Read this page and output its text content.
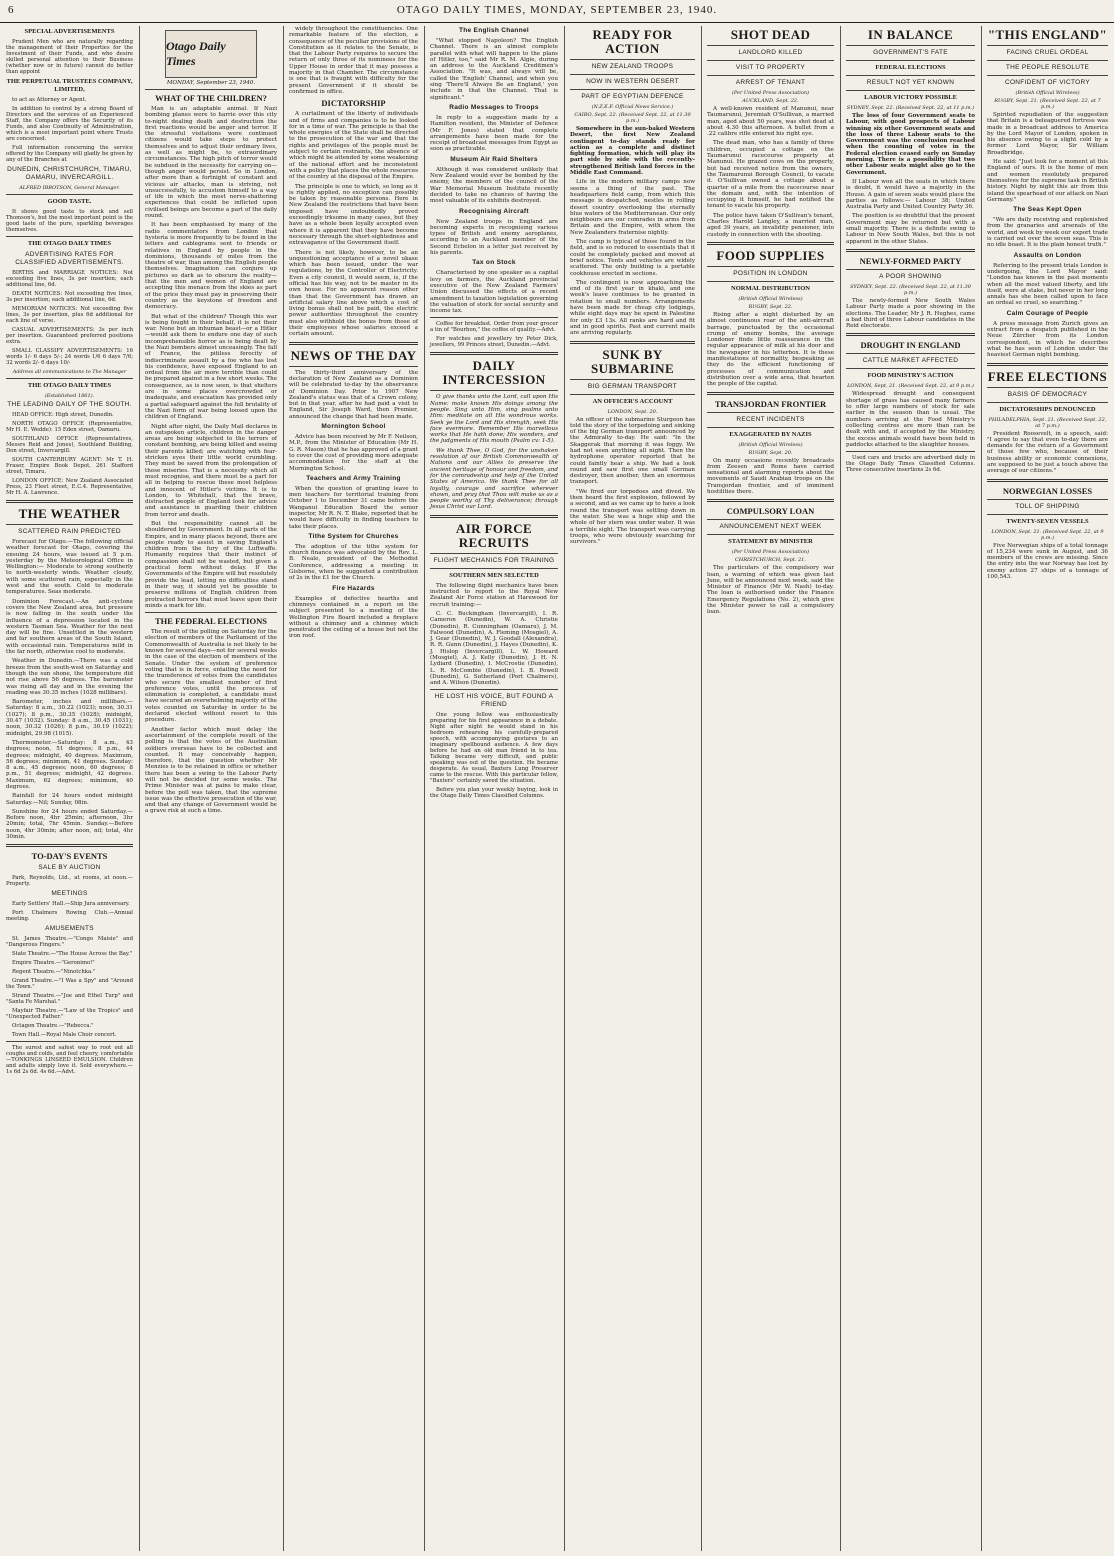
6	OTAGO DAILY TIMES, MONDAY, SEPTEMBER 23, 1940.
SPECIAL ADVERTISEMENTS

Prudent Men who are naturally regarding the management of their Properties for the Investment of their Funds, and who desire skilled personal attention to their Business (whether now or in future) cannot do better than appoint

THE PERPETUAL TRUSTEES COMPANY, LIMITED,

to act as Attorney or Agent.

In addition to control by a strong Board of Directors and the services of an Experienced Staff, the Company offers the Security of its Funds, and also Continuity of Administration, which is a most important point where Trusts are concerned.

Full information concerning the service offered by the Company will gladly be given by any of the Branches at

DUNEDIN, CHRISTCHURCH, TIMARU, OAMARU, INVERCARGILL.
ALFRED IBBOTSON, General Manager.
GOOD TASTE.

It shows good taste to stock and sell Thomson's, but the most important point is the good taste of the pure, sparkling beverages themselves.

THE OTAGO DAILY TIMES
ADVERTISING RATES FOR CLASSIFIED ADVERTISEMENTS.

BIRTHS and MARRIAGE NOTICES: Not exceeding five lines, 3s per insertion; each additional line, 6d.

DEATH NOTICES: Not exceeding five lines, 3s per insertion; each additional line, 6d.

MEMORIAM NOTICES: Not exceeding five lines, 3s per insertion, plus 6d additional for each line of verse.

CASUAL ADVERTISEMENTS: 3s per inch per insertion. Guaranteed preferred positions extra.

SMALL CLASSIFY ADVERTISEMENTS: 16 words 1/- 6 days 5/-; 24 words 1/6 6 days 7/6; 32 words 2/- 6 days 10/-

Address all communications to The Manager
THE OTAGO DAILY TIMES
(Established 1861).
THE LEADING DAILY OF THE SOUTH.

HEAD OFFICE: High street, Dunedin.

NORTH OTAGO OFFICE (Representative, Mr H. E. Wedde): 15 Eden street, Oamaru.

SOUTHLAND OFFICE (Representatives, Messrs Reid and Jones), Southland Building, Don street, Invercargill.

SOUTH CANTERBURY AGENT: Mr T. H. Fraser, Empire Book Depot, 261 Stafford street, Timaru.

LONDON OFFICE: New Zealand Associated Press, 23 Fleet street, E.C.4. Representative, Mr H. A. Lawrence.

THE WEATHER
SCATTERED RAIN PREDICTED

Forecast for Otago.—The following official weather forecast for Otago, covering the ensuing 24 hours, was issued at 5 p.m. yesterday by the Meteorological Office in Wellington:— Moderate to strong southerly to north-westerly winds. Weather cloudy, with some scattered rain, especially in the west and the south. Cold to moderate temperatures. Seas moderate.

Dominion Forecast.—An anti-cyclone covers the New Zealand area, but pressure is now falling in the south under the influence of a depression located in the western Tasman Sea. Weather for the next day will be fine. Unsettled in the western and far southern areas of the South Island, with occasional rain. Temperatures mild in the far north, otherwise cool to moderate.

Weather in Dunedin.—There was a cold breeze from the south-west on Saturday and though the sun shone, the temperature did not rise above 56 degrees. The barometer was rising all day and in the evening the reading was 30.35 inches (1028 millibars).

Barometer, inches and millibars.—Saturday: 8 a.m., 30.22 (1023); noon, 30.31 (1027); 8 p.m., 30.35 (1028); midnight, 30.47 (1032). Sunday: 8 a.m., 30.45 (1031); noon, 30.32 (1026); 8 p.m., 30.19 (1022); midnight, 29.98 (1015).

Thermometer.—Saturday: 8 a.m., 43 degrees; noon, 51 degrees; 8 p.m., 44 degrees; midnight, 40 degrees. Maximum, 56 degrees; minimum, 41 degrees. Sunday: 8 a.m., 45 degrees; noon, 60 degrees; 8 p.m., 51 degrees; midnight, 42 degrees. Maximum, 62 degrees; minimum, 40 degrees.

Rainfall for 24 hours ended midnight Saturday.—Nil; Sunday, 08in.

Sunshine for 24 hours ended Saturday.—Before noon, 4hr 25min; afternoon, 3hr 20min; total, 7hr 45min. Sunday.—Before noon, 4hr 30min; after noon, nil; total, 4hr 30min.

TO-DAY'S EVENTS
SALE BY AUCTION

Park, Reynolds, Ltd., at rooms, at noon.—Property.

MEETINGS

Early Settlers' Hall.—Ship Jura anniversary.

Port Chalmers Rowing Club.—Annual meeting.

AMUSEMENTS

St. James Theatre.—"Congo Maisie" and "Dangerous Fingers."

State Theatre.—"The House Across the Bay."

Empire Theatre.—"Geronimo!"

Regent Theatre.—"Ninotchka."

Grand Theatre.—"I Was a Spy" and "Around the Town."

Strand Theatre.—"Joe and Ethel Turp" and "Santa Fe Marshal."

Mayfair Theatre.—"Law of the Tropics" and "Unexpected Father."

Octagon Theatre.—"Rebecca."

Town Hall.—Royal Male Choir concert.

The surest and safest way to root out all coughs and colds, and feel cheery, comfortable—TONKINGS LINSEED EMULSION. Children and adults simply love it. Sold everywhere.—1s 6d 2s 6d. 4s 6d.—Advt.

Otago Daily Times
MONDAY, September 23, 1940.
WHAT OF THE CHILDREN?

Man is an adaptable animal. If Nazi bombing planes were to harrie over this city to-night dealing death and destruction the first reactions would be anger and terror. If the stressful visitations were continued citizens would take steps to protect themselves and to adjust their ordinary lives, as well as might be, to extraordinary circumstances. The high pitch of terror would be subdued in the necessity for carrying on—though anger would persist. So in London, after more than a fortnight of constant and vicious air attacks, man is striving, not unsuccessfully, to accustom himself to a way of life in which the most nerve-shattering experiences that could be inflicted upon civilised beings are become a part of the daily round.

It has been emphasised by many of the radio commentators from London that hysteria is more frequently to be found in the letters and cablegrams sent to friends or relatives in England by people in the dominions, thousands of miles from the theatre of war, than among the English people themselves. Imagination can conjure up pictures so dark as to obscure the reality—that the men and women of England are accepting this menace from the skies as part of the price they must pay in preserving their country as the keystone of freedom and democracy.

But what of the children? Though this war is being fought in their behalf, it is not their war. None but an inhuman beast—or a Hitler—would ask them to endure one day of such incomprehensible horror as is being dealt by the Nazi bombers almost unceasingly. The fall of France, the pitiless ferocity of indiscriminate assault by a foe who has lost his confidence, have exposed England to an ordeal from the air more terrible than could be prepared against in a few short weeks. The consequence, as is now seen, is that shelters are in some places overcrowded or inadequate, and evacuation has provided only a partial safeguard against the full brutality of the Nazi form of war being loosed upon the children of England.

Night after night, the Daily Mail declares in an outspoken article, children in the danger areas are being subjected to the terrors of constant bombing, are being killed and seeing their parents killed; are watching with fear-stricken eyes their little world crumbling. They must be saved from the prolongation of these miseries. That is a necessity which all must recognise, and there must be a part for all in helping to rescue these most helpless and innocent of Hitler's victims. It is to London, to Whitehall, that the brave, distracted people of England look for advice and assistance in guarding their children from terror and death.

But the responsibility cannot all be shouldered by Government. In all parts of the Empire, and in many places beyond, there are people ready to assist in saving England's children from the fury of the Luftwaffe. Humanity requires that their instinct of compassion shall not be wasted, but given a practical form without delay. If the Governments of the Empire will but resolutely provide the lead, letting no difficulties stand in their way, it should yet be possible to preserve millions of English children from protracted horrors that must leave upon their minds a mark for life.

THE FEDERAL ELECTIONS

The result of the polling on Saturday for the election of members of the Parliament of the Commonwealth of Australia is not likely to be known for several days—not for several weeks in the case of the election of members of the Senate. Under the system of preference voting that is in force, entailing the need for the transference of votes from the candidates who secure the smallest number of first preference votes, until the process of elimination is completed, a candidate must have secured an overwhelming majority of the votes counted on Saturday in order to be declared elected without resort to this procedure.

Another factor which must delay the ascertainment of the complete result of the polling is that the votes of the Australian soldiers overseas have to be collected and counted. It may conceivably happen, therefore, that the question whether Mr Menzies is to be retained in office or whether there has been a swing to the Labour Party will not be decided for some weeks. The Prime Minister was at pains to make clear, before the poll was taken, that the supreme issue was the effective prosecution of the war, and that any change of Government would be a grave risk at such a time.

widely throughout the constituencies. One remarkable feature of the election, a consequence of the peculiar provisions of the Constitution as it relates to the Senate, is that the Labour Party requires to secure the return of only three of its nominees for the Upper House in order that it may possess a majority in that Chamber. The circumstance is one that is fraught with difficulty for the present Government if it should be confirmed in office.

DICTATORSHIP

A curtailment of the liberty of individuals and of firms and companies is to be looked for in a time of war. The principle is that the whole energies of the State shall be directed to the prosecution of the war and that the rights and privileges of the people must be subject to certain restraints, the absence of which might be attended by some weakening of the national effort and be inconsistent with a policy that places the whole resources of the country at the disposal of the Empire.

The principle is one to which, so long as it is rightly applied, no exception can possibly be taken by reasonable persons. Here in New Zealand the restrictions that have been imposed have undoubtedly proved exceedingly irksome in many cases, but they have as a whole been loyally accepted even where it is apparent that they have become necessary through the short-sightedness and extravagance of the Government itself.

There is not likely, however, to be an unquestioning acceptance of a novel ukase which has been issued, under the war regulations, by the Controller of Electricity. Even a city council, it would seem, is, if the official has his way, not to be master in its own house. For no apparent reason other than that the Government has drawn an artificial salary line above which a cost of living bonus shall not be paid, the electric power authorities throughout the country must also withhold the bonus from those of their employees whose salaries exceed a certain amount.

NEWS OF THE DAY

The thirty-third anniversary of the declaration of New Zealand as a Dominion will be celebrated to-day by the observance of Dominion Day. Prior to 1907 New Zealand's status was that of a Crown colony, but in that year, after he had paid a visit to England, Sir Joseph Ward, then Premier, announced the change that had been made.

Mornington School

Advice has been received by Mr F. Neilson, M.P., from the Minister of Education (Mr H. G. R. Mason) that he has approved of a grant to cover the cost of providing more adequate accommodation for the staff at the Mornington School.

Teachers and Army Training

When the question of granting leave to men teachers for territorial training from October 1 to December 31 came before the Wanganui Education Board the senior inspector, Mr R. N. T. Blake, reported that he would have difficulty in finding teachers to take their places.

Tithe System for Churches

The adoption of the tithe system for church finance was advocated by the Rev. L. B. Neale, president of the Methodist Conference, addressing a meeting in Gisborne, when he suggested a contribution of 2s in the £1 for the Church.

Fire Hazards

Examples of defective hearths and chimneys contained in a report on the subject presented to a meeting of the Wellington Fire Board included a fireplace without a chimney and a chimney which penetrated the ceiling of a house but not the iron roof.

The English Channel

"What stopped Napoleon? The English Channel. There is an almost complete parallel with what will happen to the plans of Hitler, too," said Mr R. M. Algie, during an address to the Auckland Creditmen's Association. "It was, and always will be, called the 'English' Channel, and when you sing 'There'll Always Be an England,' you include in that the Channel. That is significant."

Radio Messages to Troops

In reply to a suggestion made by a Hamilton resident, the Minister of Defence (Mr F. Jones) stated that complete arrangements have been made for the receipt of broadcast messages from Egypt as soon as practicable.

Museum Air Raid Shelters

Although it was considered unlikely that New Zealand would ever be bombed by the enemy, the members of the council of the War Memorial Museum Institute recently decided to take no chances of having the most valuable of its exhibits destroyed.

Recognising Aircraft

New Zealand troops in England are becoming experts in recognising various types of British and enemy aeroplanes, according to an Auckland member of the Second Echelon in a letter just received by his parents.

Tax on Stock

Characterised by one speaker as a capital levy on farmers, the Auckland provincial executive of the New Zealand Farmers' Union discussed the effects of a recent amendment to taxation legislation governing the valuation of stock for social security and income tax.

Coffee for breakfast. Order from your grocer a tin of "Bourbon," the coffee of quality.—Advt.

For watches and jewellery try Peter Dick, jewellers, 99 Princes street, Dunedin.—Advt.

DAILY INTERCESSION

O give thanks unto the Lord, call upon His Name: make known His doings among the people. Sing unto Him, sing psalms unto Him: meditate on all His wondrous works. Seek ye the Lord and His strength, seek His face evermore. Remember His marvellous works that He hath done; His wonders, and the judgments of His mouth (Psalm cv: 1-5).

We thank Thee, O God, for the unshaken resolution of our British Commonwealth of Nations and our Allies to preserve the ancient heritage of honour and freedom, and for the comradeship and help of the United States of America. We thank Thee for all loyalty, courage and sacrifice wherever shown, and pray that Thou wilt make us as a people worthy of Thy deliverance; through Jesus Christ our Lord.

AIR FORCE RECRUITS
FLIGHT MECHANICS FOR TRAINING
SOUTHERN MEN SELECTED

The following flight mechanics have been instructed to report to the Royal New Zealand Air Force station at Harewood for recruit training:—

C. C. Buckingham (Invercargill), I. R. Cameron (Dunedin), W. A. Christie (Dunedin), R. Cunningham (Oamaru), J. M. Falwood (Dunedin), A. Fleming (Mosgiel), A. J. Gear (Dunedin), W. J. Goodall (Alexandra), R. R. Gunn (Dunedin), J. Hayes (Dunedin), K. J. Hislop (Invercargill), L. W. Howard (Mosgiel), A. J. Kelly (Dunedin), J. H. N. Lydiard (Dunedin), I. McCrostie (Dunedin), L. R. McCombie (Dunedin), I. B. Powell (Dunedin), G. Sutherland (Port Chalmers), and A. Wilson (Dunedin).

HE LOST HIS VOICE, BUT FOUND A FRIEND

One young fellow was enthusiastically preparing for his first appearance in a debate. Night after night he would stand in his bedroom rehearsing his carefully-prepared speech, with accompanying gestures to an imaginary spellbound audience. A few days before he had an old man friend in to tea. Talking became very difficult, and public speaking was out of the question. He became desperate. As usual, Baxters Lung Preserver came to the rescue. With this particular fellow, "Baxters" certainly saved the situation.

Before you plan your weekly buying, look in the Otago Daily Times Classified Columns.

READY FOR ACTION
NEW ZEALAND TROOPS
NOW IN WESTERN DESERT
PART OF EGYPTIAN DEFENCE
(N.Z.E.F. Official News Service.)
CAIRO, Sept. 22. (Received Sept. 22, at 11.30 p.m.)

Somewhere in the sun-baked Western Desert, the first New Zealand contingent to-day stands ready for action as a complete and distinct fighting formation, which will play its part side by side with the recently-strengthened British land forces in the Middle East Command.

Life in the modern military camps now seems a thing of the past. The headquarters field camp, from which this message is despatched, nestles in rolling desert country overlooking the eternally blue waters of the Mediterranean. Our only neighbours are our comrades in arms from Britain and the Empire, with whom the New Zealanders fraternise nightly.

The camp is typical of those found in the field, and is so reduced to essentials that it could be completely packed and moved at brief notice. Tents and vehicles are widely scattered. The only building is a portable cookhouse erected in sections.

The contingent is now approaching the end of its first year in khaki, and one week's leave continues to be granted in rotation to small numbers. Arrangements have been made for cheap city lodgings, while eight days may be spent in Palestine for only £3 13s. All ranks are hard and fit and in good spirits. Past and current mails are arriving regularly.

SUNK BY SUBMARINE
BIG GERMAN TRANSPORT
AN OFFICER'S ACCOUNT
LONDON, Sept. 20.

An officer of the submarine Sturgeon has told the story of the torpedoing and sinking of the big German transport announced by the Admiralty to-day. He said: "In the Skaggerak that morning it was foggy. We had not seen anything all night. Then the hydrophone operator reported that he could faintly hear a ship. We had a look round and saw first one small German destroyer, then another, then an enormous transport.

"We fired our torpedoes and dived. We then heard the first explosion, followed by a second, and as we came up to have a look round the transport was settling down in the water. She was a huge ship and the whole of her stern was under water. It was a terrible sight. The transport was carrying troops, who were obviously searching for survivors."

SHOT DEAD
LANDLORD KILLED
VISIT TO PROPERTY
ARREST OF TENANT
(Per United Press Association)
AUCKLAND, Sept. 22.

A well-known resident of Manunui, near Taumarunui, Jeremiah O'Sullivan, a married man, aged about 50 years, was shot dead at about 4.30 this afternoon. A bullet from a .22 calibre rifle entered his right eye.

The dead man, who has a family of three children, occupied a cottage on the Taumarunui racecourse property at Manunui. He grazed cows on the property, but had received notice from the owners, the Taumarunui Borough Council, to vacate it. O'Sullivan owned a cottage about a quarter of a mile from the racecourse near the domain and, with the intention of occupying it himself, he had notified the tenant to vacate his property.

The police have taken O'Sullivan's tenant, Charles Harold Langley, a married man, aged 39 years, an invalidity pensioner, into custody in connection with the shooting.

FOOD SUPPLIES
POSITION IN LONDON
NORMAL DISTRIBUTION
(British Official Wireless)
RUGBY, Sept. 22.

Rising after a night disturbed by an almost continuous roar of the anti-aircraft barrage, punctuated by the occasional crump of enemy bombs, the average Londoner finds little reassurance in the regular appearance of milk at his door and the newspaper in his letterbox. It is these manifestations of normality, bespeaking as they do the efficient functioning of processes of communication and distribution over a wide area, that hearten the people of the capital.

TRANSJORDAN FRONTIER
RECENT INCIDENTS
EXAGGERATED BY NAZIS
(British Official Wireless)
RUGBY, Sept. 20.

On many occasions recently broadcasts from Zeesen and Rome have carried sensational and alarming reports about the movements of Saudi Arabian troops on the Transjordan frontier, and of imminent hostilities there.

COMPULSORY LOAN
ANNOUNCEMENT NEXT WEEK
STATEMENT BY MINISTER
(Per United Press Association)
CHRISTCHURCH, Sept. 21.

The particulars of the compulsory war loan, a warning of which was given last June, will be announced next week, said the Minister of Finance (Mr W. Nash) to-day. The loan is authorised under the Finance Emergency Regulations (No. 2), which give the Minister power to call a compulsory loan.

IN BALANCE
GOVERNMENT'S FATE
FEDERAL ELECTIONS
RESULT NOT YET KNOWN
LABOUR VICTORY POSSIBLE
SYDNEY, Sept. 22. (Received Sept. 22, at 11 p.m.)

The loss of four Government seats to Labour, with good prospects of Labour winning six other Government seats and the loss of three Labour seats to the Government was the conclusion reached when the counting of votes in the Federal election ceased early on Sunday morning. There is a possibility that two other Labour seats might also go to the Government.

If Labour won all the seats in which there is doubt, it would have a majority in the House. A gain of seven seats would place the parties as follows:— Labour 38; United Australia Party and United Country Party 36.

The position is so doubtful that the present Government may be returned but with a small majority. There is a definite swing to Labour in New South Wales, but this is not apparent in the other States.

NEWLY-FORMED PARTY
A POOR SHOWING
SYDNEY, Sept. 22. (Received Sept. 22, at 11.30 p.m.)

The newly-formed New South Wales Labour Party made a poor showing in the elections. The Leader, Mr J. R. Hughes, came a bad third of three Labour candidates in the Reid electorate.

DROUGHT IN ENGLAND
CATTLE MARKET AFFECTED
FOOD MINISTRY'S ACTION
LONDON, Sept. 21. (Received Sept. 22, at 9 p.m.)

Widespread drought and consequent shortage of grass has caused many farmers to offer large numbers of stock for sale earlier in the season than is usual. The numbers arriving at the Food Ministry's collecting centres are more than can be dealt with and, if accepted by the Ministry, the excess animals would have been held in paddocks attached to the slaughter houses.

Used cars and trucks are advertised daily in the Otago Daily Times Classified Columns. Three consecutive insertions 2s 6d.

"THIS ENGLAND"
FACING CRUEL ORDEAL
THE PEOPLE RESOLUTE
CONFIDENT OF VICTORY
(British Official Wireless)
RUGBY, Sept. 21. (Received Sept. 22, at 7 p.m.)

Spirited repudiation of the suggestion that Britain is a beleaguered fortress was made in a broadcast address to America by the Lord Mayor of London, spoken in his absence owing to a slight cold by a former Lord Mayor, Sir William Broadbridge.

He said: "Just look for a moment at this England of ours. It is the home of men and women resolutely prepared themselves for the supreme task in British history. Night by night this air from this island the spearhead of our attack on Nazi Germany."

The Seas Kept Open

"We are daily receiving and replenished from the granaries and arsenals of the world, and week by week our export trade is carried out over the seven seas. This is no idle boast. It is the plain honest truth."

Assaults on London

Referring to the present trials London is undergoing, the Lord Mayor said: "London has known in the past moments when all the most valued liberty, and life itself, were at stake, but never in her long annals has she been called upon to face an ordeal so cruel, so searching."

Calm Courage of People

A press message from Zurich gives an extract from a despatch published in the Neue Zürcher from its London correspondent, in which he describes what he has seen of London under the heaviest German night bombing.

FREE ELECTIONS
BASIS OF DEMOCRACY
DICTATORSHIPS DENOUNCED
PHILADELPHIA, Sept. 21. (Received Sept. 22, at 7 p.m.)

President Roosevelt, in a speech, said: "I agree to say that even to-day there are demands for the return of a Government of those few who, because of their business ability or economic connexions, are supposed to be just a touch above the average of our citizens."

NORWEGIAN LOSSES
TOLL OF SHIPPING
TWENTY-SEVEN VESSELS
LONDON, Sept. 21. (Received Sept. 22, at 9 p.m.)

Five Norwegian ships of a total tonnage of 15,234 were sunk in August, and 36 members of the crews are missing. Since the entry into the war Norway has lost by enemy action 27 ships of a tonnage of 100,543.
